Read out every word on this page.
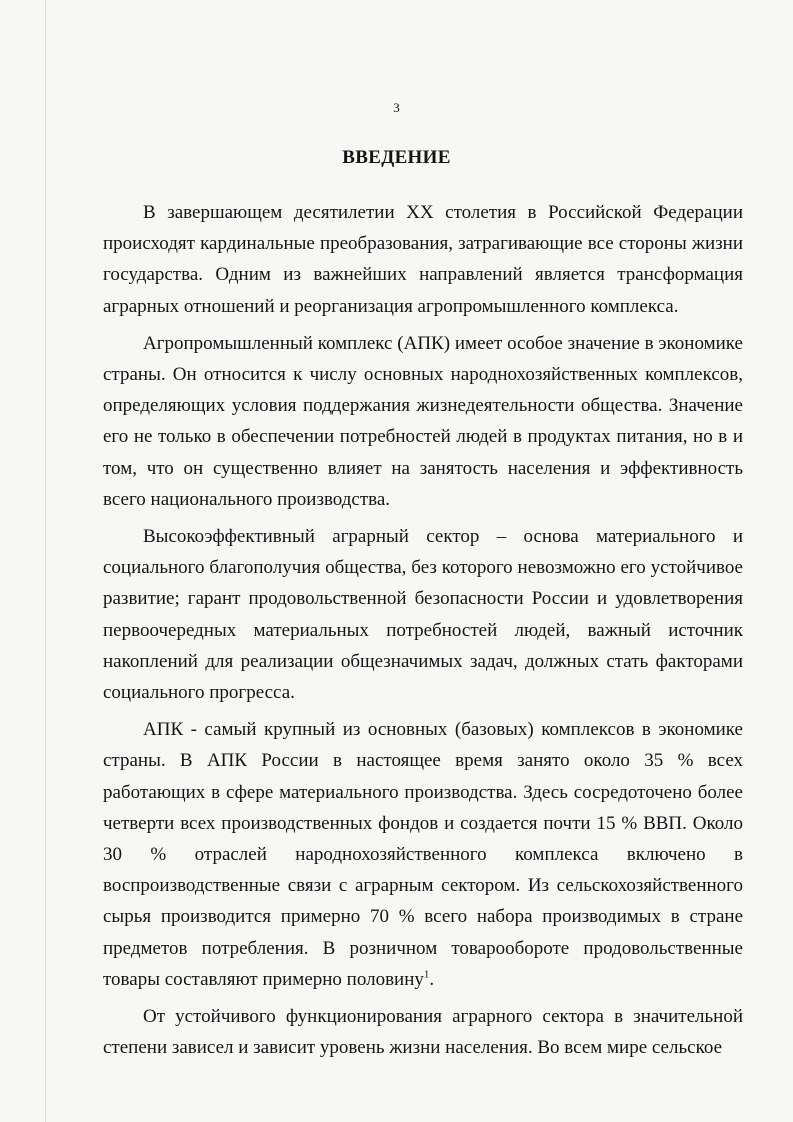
3
ВВЕДЕНИЕ

В завершающем десятилетии XX столетия в Российской Федерации происходят кардинальные преобразования, затрагивающие все стороны жизни государства. Одним из важнейших направлений является трансформация аграрных отношений и реорганизация агропромышленного комплекса.

Агропромышленный комплекс (АПК) имеет особое значение в экономике страны. Он относится к числу основных народнохозяйственных комплексов, определяющих условия поддержания жизнедеятельности общества. Значение его не только в обеспечении потребностей людей в продуктах питания, но в и том, что он существенно влияет на занятость населения и эффективность всего национального производства.

Высокоэффективный аграрный сектор – основа материального и социального благополучия общества, без которого невозможно его устойчивое развитие; гарант продовольственной безопасности России и удовлетворения первоочередных материальных потребностей людей, важный источник накоплений для реализации общезначимых задач, должных стать факторами социального прогресса.

АПК - самый крупный из основных (базовых) комплексов в экономике страны. В АПК России в настоящее время занято около 35 % всех работающих в сфере материального производства. Здесь сосредоточено более четверти всех производственных фондов и создается почти 15 % ВВП. Около 30 % отраслей народнохозяйственного комплекса включено в воспроизводственные связи с аграрным сектором. Из сельскохозяйственного сырья производится примерно 70 % всего набора производимых в стране предметов потребления. В розничном товарообороте продовольственные товары составляют примерно половину$^1$.

От устойчивого функционирования аграрного сектора в значительной степени зависел и зависит уровень жизни населения. Во всем мире сельское
